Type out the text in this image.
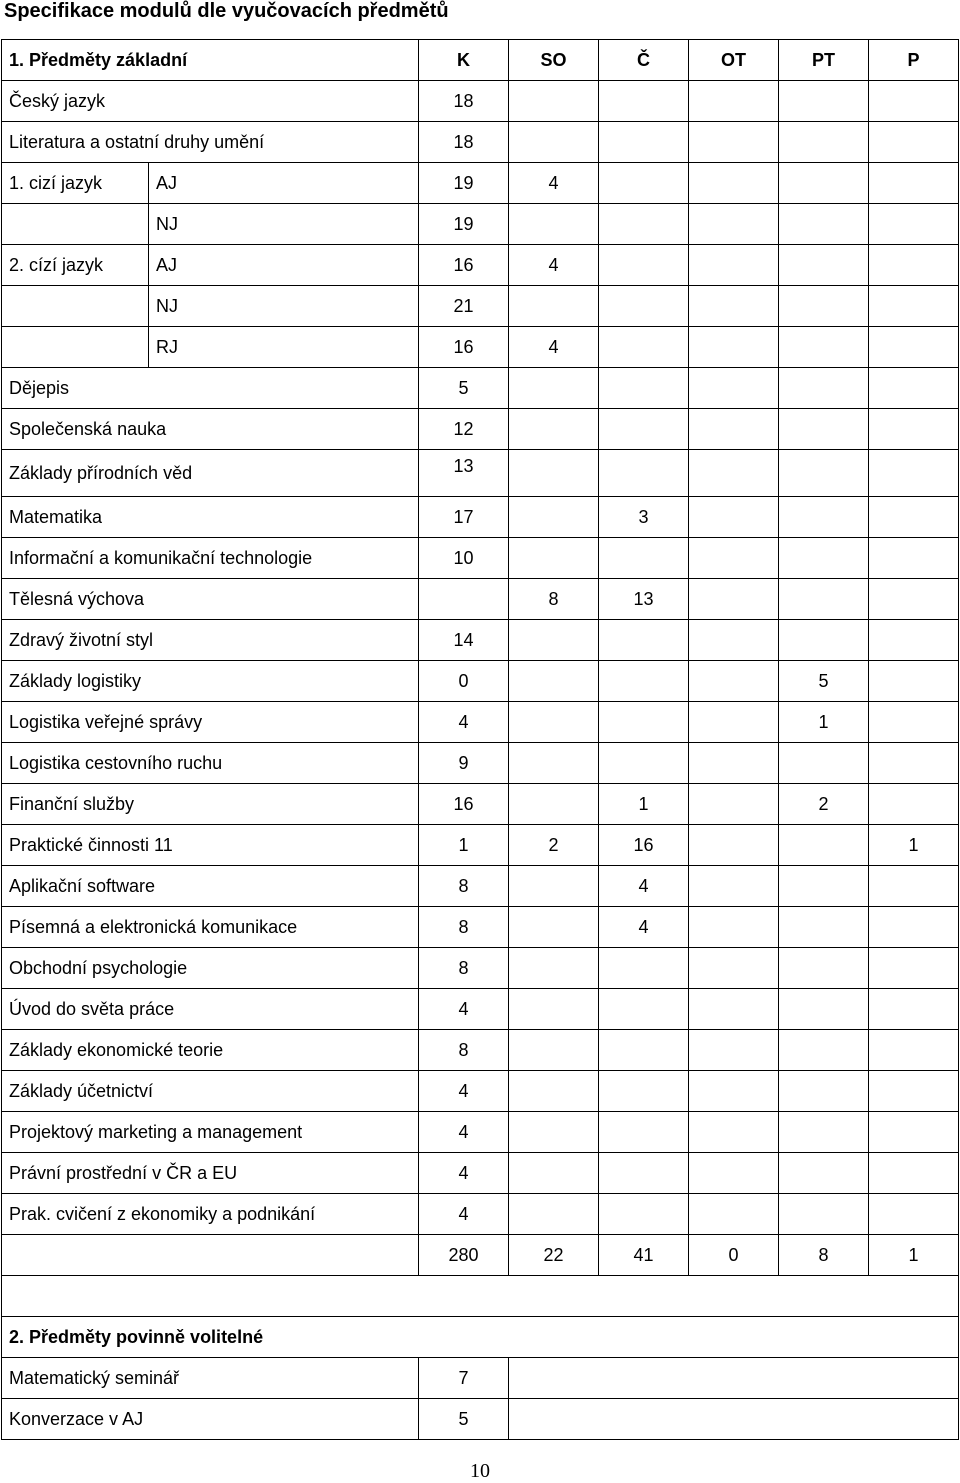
Specifikace modulů dle vyučovacích předmětů
1. Předměty základní		K	SO	Č	OT	PT	P
Český jazyk		18					
Literatura a ostatní druhy umění		18					
1. cizí jazyk	AJ	19	4				
	NJ	19					
2. cízí jazyk	AJ	16	4				
	NJ	21					
	RJ	16	4				
Dějepis		5					
Společenská nauka		12					
Základy přírodních věd		13					
Matematika		17		3			
Informační a komunikační technologie		10					
Tělesná výchova			8	13			
Zdravý životní styl		14					
Základy logistiky		0				5	
Logistika veřejné správy		4				1	
Logistika cestovního ruchu		9					
Finanční služby		16		1		2	
Praktické činnosti 11		1	2	16			1
Aplikační software		8		4			
Písemná a elektronická komunikace		8		4			
Obchodní psychologie		8					
Úvod do světa práce		4					
Základy ekonomické teorie		8					
Základy účetnictví		4					
Projektový marketing a management		4					
Právní prostřední v ČR a EU		4					
Prak. cvičení z ekonomiky a podnikání		4					
		280	22	41	0	8	1

2. Předměty povinně volitelné							
Matematický seminář		7					
Konverzace v AJ		5					
10
